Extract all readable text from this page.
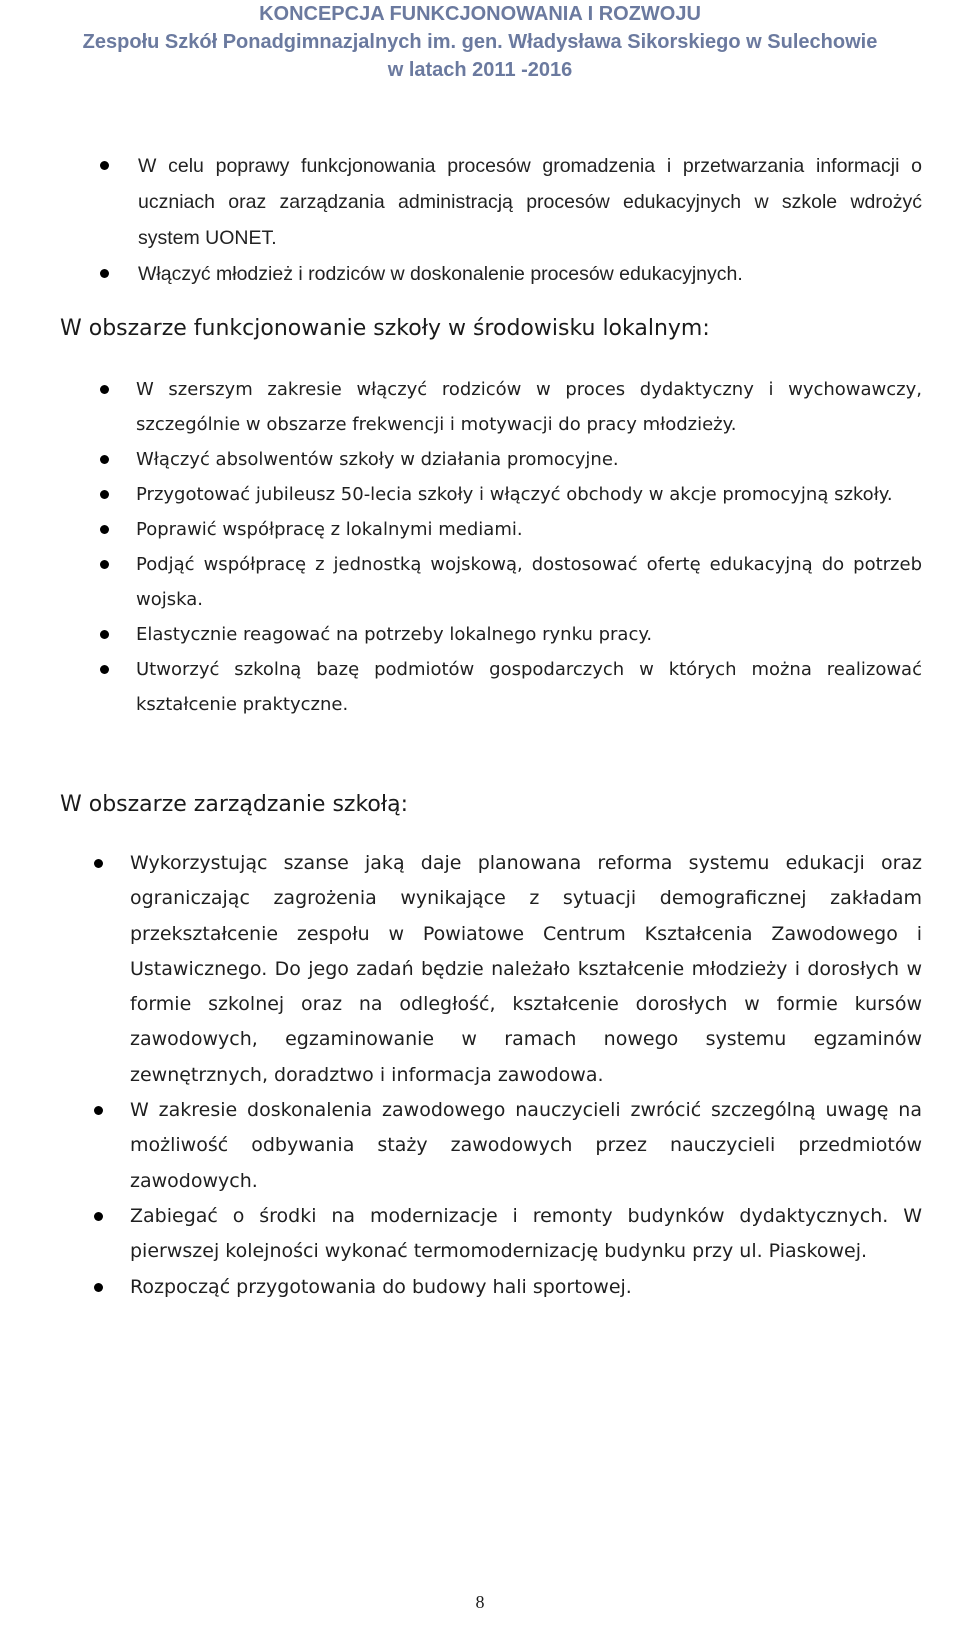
KONCEPCJA FUNKCJONOWANIA I ROZWOJU
Zespołu Szkół Ponadgimnazjalnych im. gen. Władysława Sikorskiego w Sulechowie
w latach 2011 -2016
W celu poprawy funkcjonowania procesów gromadzenia i przetwarzania informacji o uczniach oraz zarządzania administracją procesów edukacyjnych w szkole wdrożyć system UONET.
Włączyć młodzież i rodziców w doskonalenie procesów edukacyjnych.
W obszarze funkcjonowanie szkoły w środowisku lokalnym:
W szerszym zakresie włączyć rodziców w proces dydaktyczny i wychowawczy, szczególnie w obszarze frekwencji i motywacji do pracy młodzieży.
Włączyć absolwentów szkoły w działania promocyjne.
Przygotować jubileusz 50-lecia szkoły i włączyć obchody w akcje promocyjną szkoły.
Poprawić współpracę z lokalnymi mediami.
Podjąć współpracę z jednostką wojskową, dostosować ofertę edukacyjną do potrzeb wojska.
Elastycznie reagować na potrzeby lokalnego rynku pracy.
Utworzyć szkolną bazę podmiotów gospodarczych w których można realizować kształcenie praktyczne.
W obszarze zarządzanie szkołą:
Wykorzystując szanse jaką daje planowana reforma systemu edukacji oraz ograniczając zagrożenia wynikające z sytuacji demograficznej zakładam przekształcenie zespołu w Powiatowe Centrum Kształcenia Zawodowego i Ustawicznego. Do jego zadań będzie należało kształcenie młodzieży i dorosłych w formie szkolnej oraz na odległość, kształcenie dorosłych w formie kursów zawodowych, egzaminowanie w ramach nowego systemu egzaminów zewnętrznych, doradztwo i informacja zawodowa.
W zakresie doskonalenia zawodowego nauczycieli zwrócić szczególną uwagę na możliwość odbywania staży zawodowych przez nauczycieli przedmiotów zawodowych.
Zabiegać o środki na modernizacje i remonty budynków dydaktycznych. W pierwszej kolejności wykonać termomodernizację budynku przy ul. Piaskowej.
Rozpocząć przygotowania do budowy hali sportowej.
8
